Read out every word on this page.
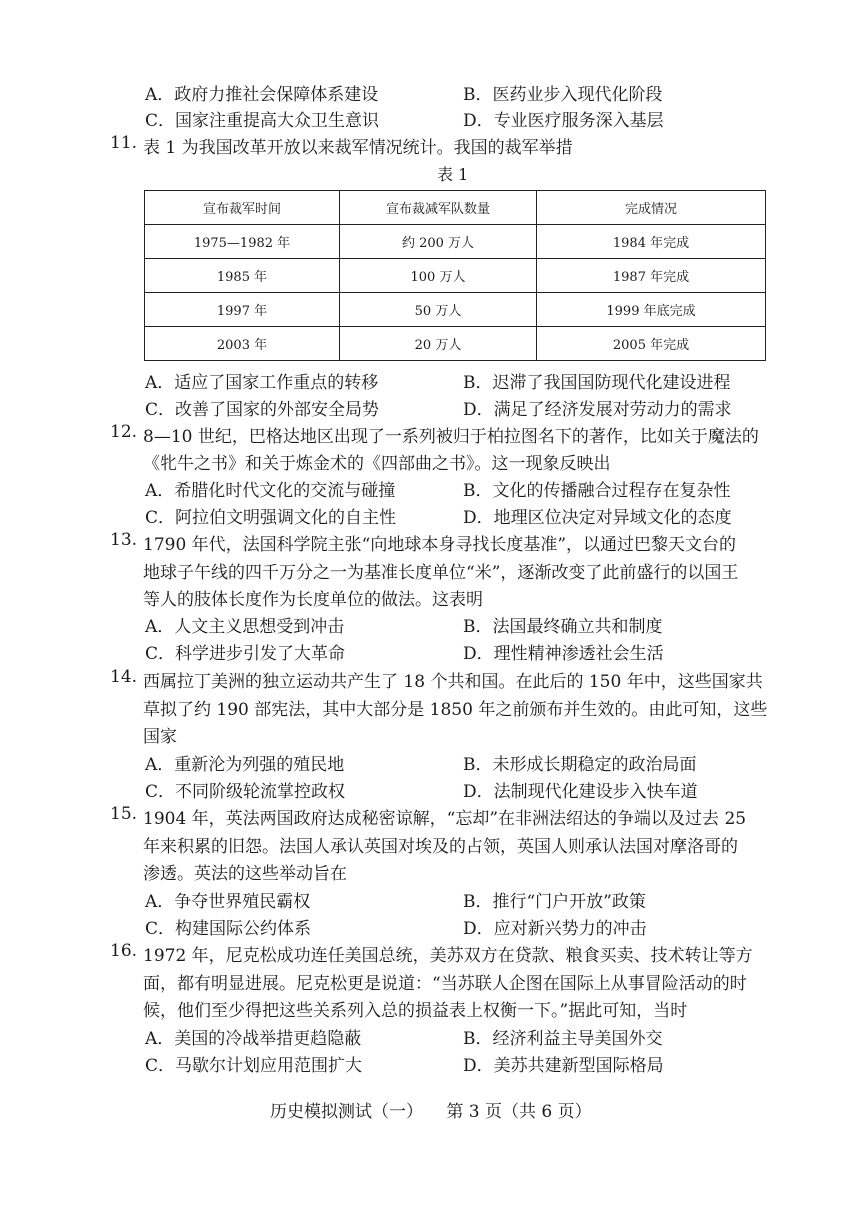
A．政府力推社会保障体系建设	B．医药业步入现代化阶段
C．国家注重提高大众卫生意识	D．专业医疗服务深入基层
11. 表 1 为我国改革开放以来裁军情况统计。我国的裁军举措
表 1
宣布裁军时间	宣布裁减军队数量	完成情况
1975—1982 年	约 200 万人	1984 年完成
1985 年	100 万人	1987 年完成
1997 年	50 万人	1999 年底完成
2003 年	20 万人	2005 年完成
A．适应了国家工作重点的转移	B．迟滞了我国国防现代化建设进程
C．改善了国家的外部安全局势	D．满足了经济发展对劳动力的需求
12. 8—10 世纪，巴格达地区出现了一系列被归于柏拉图名下的著作，比如关于魔法的
《牝牛之书》和关于炼金术的《四部曲之书》。这一现象反映出
A．希腊化时代文化的交流与碰撞	B．文化的传播融合过程存在复杂性
C．阿拉伯文明强调文化的自主性	D．地理区位决定对异域文化的态度
13. 1790 年代，法国科学院主张“向地球本身寻找长度基准”，以通过巴黎天文台的
地球子午线的四千万分之一为基准长度单位“米”，逐渐改变了此前盛行的以国王
等人的肢体长度作为长度单位的做法。这表明
A．人文主义思想受到冲击	B．法国最终确立共和制度
C．科学进步引发了大革命	D．理性精神渗透社会生活
14. 西属拉丁美洲的独立运动共产生了 18 个共和国。在此后的 150 年中，这些国家共
草拟了约 190 部宪法，其中大部分是 1850 年之前颁布并生效的。由此可知，这些
国家
A．重新沦为列强的殖民地	B．未形成长期稳定的政治局面
C．不同阶级轮流掌控政权	D．法制现代化建设步入快车道
15. 1904 年，英法两国政府达成秘密谅解，“忘却”在非洲法绍达的争端以及过去 25
年来积累的旧怨。法国人承认英国对埃及的占领，英国人则承认法国对摩洛哥的
渗透。英法的这些举动旨在
A．争夺世界殖民霸权	B．推行“门户开放”政策
C．构建国际公约体系	D．应对新兴势力的冲击
16. 1972 年，尼克松成功连任美国总统，美苏双方在贷款、粮食买卖、技术转让等方
面，都有明显进展。尼克松更是说道：“当苏联人企图在国际上从事冒险活动的时
候，他们至少得把这些关系列入总的损益表上权衡一下。”据此可知，当时
A．美国的冷战举措更趋隐蔽	B．经济利益主导美国外交
C．马歇尔计划应用范围扩大	D．美苏共建新型国际格局
历史模拟测试（一） 第 3 页（共 6 页）
